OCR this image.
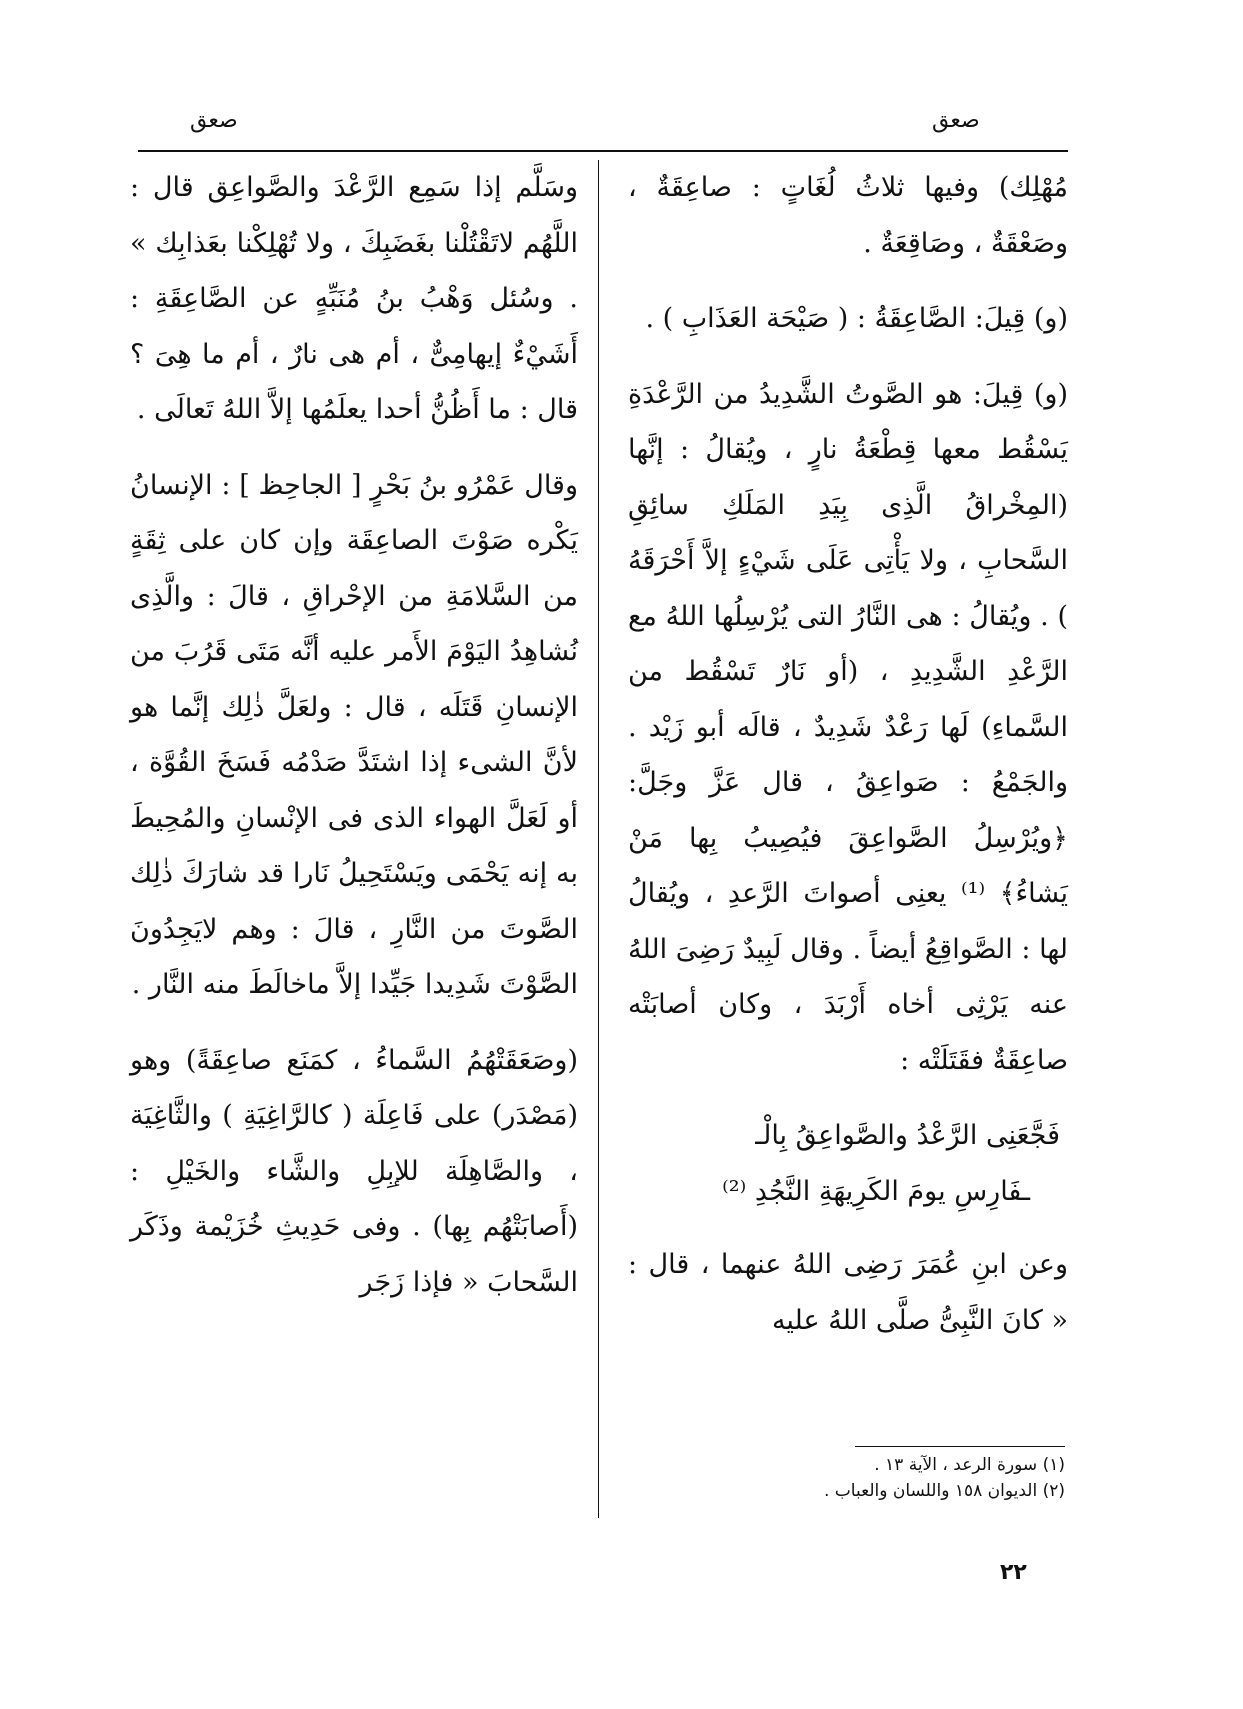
صعق
صعق

مُهْلِك) وفيها ثلاثُ لُغَاتٍ : صاعِقَةٌ ، وصَعْقَةٌ ، وصَاقِعَةٌ .

(و) قِيلَ: الصَّاعِقَةُ : ( صَيْحَة العَذَابِ ) .

(و) قِيلَ: هو الصَّوتُ الشَّدِيدُ من الرَّعْدَةِ يَسْقُط معها قِطْعَةُ نارٍ ، ويُقالُ : إنَّها (المِخْراقُ الَّذِى بِيَدِ المَلَكِ سائِقِ السَّحابِ ، ولا يَأْتِى عَلَى شَيْءٍ إلاَّ أَحْرَقَهُ ) . ويُقالُ : هى النَّارُ التى يُرْسِلُها اللهُ مع الرَّعْدِ الشَّدِيدِ ، (أو نَارٌ تَسْقُط من السَّماءِ) لَها رَعْدٌ شَدِيدٌ ، قالَه أبو زَيْد . والجَمْعُ : صَواعِقُ ، قال عَزَّ وجَلَّ: ﴿ويُرْسِلُ الصَّواعِقَ فيُصِيبُ بِها مَنْ يَشاءُ﴾ ⁽¹⁾ يعنِى أصواتَ الرَّعدِ ، ويُقالُ لها : الصَّواقِعُ أيضاً . وقال لَبِيدٌ رَضِىَ اللهُ عنه يَرْثِى أخاه أَرْبَدَ ، وكان أصابَتْه صاعِقَةٌ فقَتَلَتْه :

فَجَّعَنِى الرَّعْدُ والصَّواعِقُ بِالْـ
ـفَارِسِ يومَ الكَرِيهَةِ النَّجُدِ ⁽²⁾

وعن ابنِ عُمَرَ رَضِى اللهُ عنهما ، قال : « كانَ النَّبِىُّ صلَّى اللهُ عليه

وسَلَّم إذا سَمِع الرَّعْدَ والصَّواعِق قال : اللَّهُم لاتَقْتُلْنا بغَضَبِكَ ، ولا تُهْلِكْنا بعَذابِك » . وسُئل وَهْبُ بنُ مُنَبِّهٍ عن الصَّاعِقَةِ : أَشَيْءٌ إيهامِىٌّ ، أم هى نارٌ ، أم ما هِىَ ؟ قال : ما أَظُنُّ أحدا يعلَمُها إلاَّ اللهُ تَعالَى .

وقال عَمْرُو بنُ بَحْرٍ [ الجاحِظ ] : الإنسانُ يَكْره صَوْتَ الصاعِقَة وإن كان على ثِقَةٍ من السَّلامَةِ من الإحْراقِ ، قالَ : والَّذِى نُشاهِدُ اليَوْمَ الأَمر عليه أنَّه مَتَى قَرُبَ من الإنسانِ قَتَلَه ، قال : ولعَلَّ ذٰلِك إنَّما هو لأنَّ الشىء إذا اشتَدَّ صَدْمُه فَسَخَ القُوَّة ، أو لَعَلَّ الهواء الذى فى الإنْسانِ والمُحِيطَ به إنه يَحْمَى ويَسْتَحِيلُ نَارا قد شارَكَ ذٰلِك الصَّوتَ من النَّارِ ، قالَ : وهم لايَجِدُونَ الصَّوْتَ شَدِيدا جَيِّدا إلاَّ ماخالَطَ منه النَّار .

(وصَعَقَتْهُمُ السَّماءُ ، كمَنَع صاعِقَةً) وهو (مَصْدَر) على فَاعِلَة ( كالرَّاغِيَةِ ) والثَّاغِيَة ، والصَّاهِلَة للإبِلِ والشَّاء والخَيْلِ : (أَصابَتْهُم بِها) . وفى حَدِيثِ خُزَيْمة وذَكَر السَّحابَ « فإذا زَجَر

(١) سورة الرعد ، الآية ١٣ .
(٢) الديوان ١٥٨ واللسان والعباب .
٢٢
